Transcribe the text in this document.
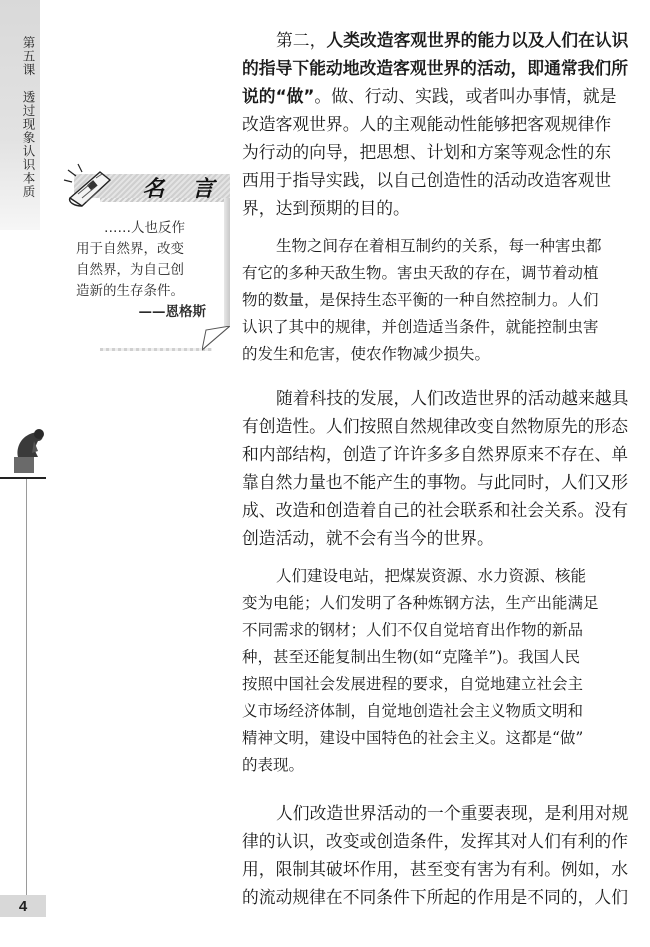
第五课透过现象认识本质
4
名 言
……人也反作
用于自然界，改变
自然界，为自己创
造新的生存条件。
——恩格斯
第二，人类改造客观世界的能力以及人们在认识
的指导下能动地改造客观世界的活动，即通常我们所
说的“做”。做、行动、实践，或者叫办事情，就是
改造客观世界。人的主观能动性能够把客观规律作
为行动的向导，把思想、计划和方案等观念性的东
西用于指导实践，以自己创造性的活动改造客观世
界，达到预期的目的。
生物之间存在着相互制约的关系，每一种害虫都
有它的多种天敌生物。害虫天敌的存在，调节着动植
物的数量，是保持生态平衡的一种自然控制力。人们
认识了其中的规律，并创造适当条件，就能控制虫害
的发生和危害，使农作物减少损失。
随着科技的发展，人们改造世界的活动越来越具
有创造性。人们按照自然规律改变自然物原先的形态
和内部结构，创造了许许多多自然界原来不存在、单
靠自然力量也不能产生的事物。与此同时，人们又形
成、改造和创造着自己的社会联系和社会关系。没有
创造活动，就不会有当今的世界。
人们建设电站，把煤炭资源、水力资源、核能
变为电能；人们发明了各种炼钢方法，生产出能满足
不同需求的钢材；人们不仅自觉培育出作物的新品
种，甚至还能复制出生物(如“克隆羊”)。我国人民
按照中国社会发展进程的要求，自觉地建立社会主
义市场经济体制，自觉地创造社会主义物质文明和
精神文明，建设中国特色的社会主义。这都是“做”
的表现。
人们改造世界活动的一个重要表现，是利用对规
律的认识，改变或创造条件，发挥其对人们有利的作
用，限制其破坏作用，甚至变有害为有利。例如，水
的流动规律在不同条件下所起的作用是不同的，人们
